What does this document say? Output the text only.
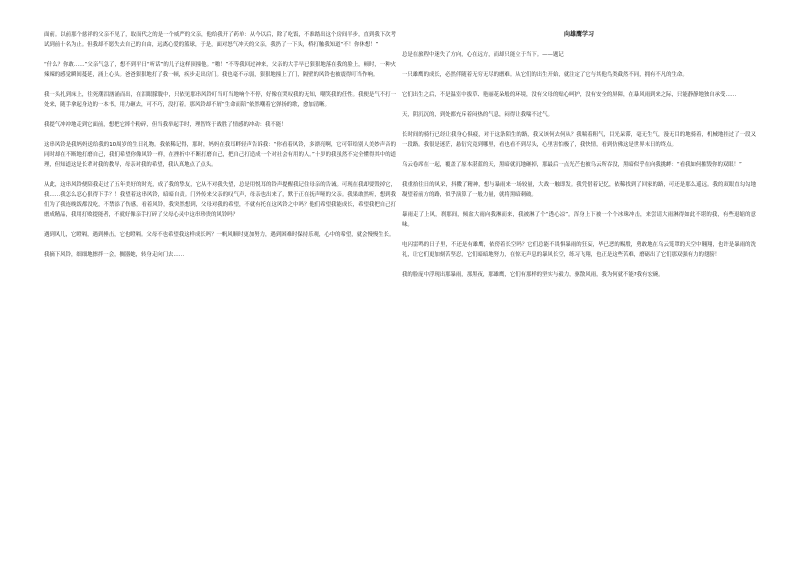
面前。以前那个慈祥的父亲不见了，取而代之的是一个威严的父亲，他给我开了药单：从今以后，除了吃饭，不准踏出这个房间半步，直到我下次考试到前十名为止。但我却不愿失去自己的自由，远离心爱的篮球，于是，面对怒气冲天的父亲，我扔了一下头，桥打触我知道“不！你休想！”

“什么？你敢……”父亲气急了，想不到平日“听话”的儿子这样顶撞他。“啪！”不等我回过神来，父亲的大手早已狠狠地落在我的脸上，顿时，一种火辣辣的感觉瞬间蔓延，涌上心头。爸爸狠狠地打了我一顿，疾步走出房门。我也毫不示弱，狠狠地撞上了门，隔壁的风铃也被震得叮当作响。

我一头扎到床上，往死潮泪汹涌而出，在泪眼朦胧中，只依见那串风铃叮当叮当地响个不停，好像在哭叹我的无知，嘲笑我的任性。我便是气不打一处来，随手拿起身边的一本书，用力砸去，可不巧，没打着。那风铃却不屑“生命而陪”依然嘲着它弹扬的歌，愈加清晰。

我提气冲冲地走到它面前，想把它摔个粉碎，但当我举起手时，理智终于战胜了情感的冲动：我不能！

这串风铃是我妈妈送给我的10周岁的生日礼物。我依稀记得，那时，妈妈在我耳畔轻声告诉我：“你看着风铃，多漂亮啊，它可带给别人美妙声音的同时却在不断地打磨自己，我们希望你像风铃一样，在挫折中不断打磨自己，把自己打造成一个对社会有用的人。”十岁的我虽然不完全懂得其中的道理，但知道这是长辈对我的教导，母亲对我的希望，我认真地点了点头。

从此，这串风铃便陪我走过了五年美好的时光，成了我的挚友，它从不对我失望，总是用悦耳的铃声提醒我记住母亲的告诫。可现在我却要毁掉它，我……我怎么忍心狠得下手？！我望着这串风铃，暗暗自责。门外传来父亲的叹气声，母亲也出来了，默于正在抚声哑的父亲。我果敢然听，想到我们为了我连晚饭都没吃，不禁添了伤感，看着风铃，我突然想到，父母对我的希望，不就有托在这风铃之中吗？他们希望我能成长，希望我把自己打磨成精品，我用打败提能者，不就好像亲手打碎了父母心灵中这串珍贵的风铃吗？

遇到风儿，它瞪嗝，遇到捶击，它也瞪嗝。父母不也希望我这样成长吗？一帆风顺时更加努力，遇到困难时保持乐观，心中的希望，就会慢慢生长。

我摘下风铃，细细地擦拌一会，搁器她，转身走向门去……

向雄鹰学习

总是在旅程中迷失了方向，心在远方，而却只能立于当下。——题记

一只雄鹰的成长，必然伴随着无穷无尽的磨难。从它们的出生开始，就注定了它与其他鸟类截然不同，拥有不凡的生命。

它们出生之后，不是温室中拔草、艳丽花朵般的环境，没有父母的贴心呵护，没有安全的屏障，在暴风雨到来之际，只能静静地独自承受……

天，阴沉沉的，到处都充斥着闷热的气息，闷得让我喘不过气。

长时间的骑行已经让我身心俱疲，对于这条陌生的路，我又该何去何从？我喘着粗气，目光呆滞，毫无生气，漫无目的地骑着，机械地挂过了一段又一段路。我很是迷茫，悬衍究竟到哪里，看也看不到尽头，心里害怕极了，我快情，看到仿佛这是世界末日的终点。

乌云卷席在一起，覆盖了原本湛蓝的天，黑暗就沉地砸掉，那最后一点光芒也被乌云所吞没，黑暗似乎在向我挑衅：“看我如何摧毁你的双眼！”

我重拾往日的风采，抖擞了精神，想与暴雨来一场较量，大战一触即发。我凭借着记忆，依稀找到了回家的路，可还是那么遥远。我的双眼直勾勾地凝望着前方的路，似乎演算了一般力量，就将黑暗刺破。

暴雨走了上风，刹那间，倾盆大雨向我淋而来，我被淋了个“透心凉”。浑身上下被一个个冰珠冲击，来尝请大雨淋得如此不堪的我，有些退缩的意味。

电闪雷鸣的日子里，不还是有雄鹰，依傍着长空吗？它们总能不畏惧暴雨的狂妄，毕已恶的赐殷，勇敢地在乌云笼罩的天空中翱翔，也许是暴雨的洗礼，让它们更加刻苦坚忍，它们暗暗地努力，在惊无声息的暴风长空，练习飞翔，也正是这些苦难，磨砺出了它们那双强有力的翅膀！

我的脸庞中浮现出那暴雨，那黑夜，那雄鹰，它们有那样的坚实与毅力，驱散风雨，我为何就不能?我有宏碗。
